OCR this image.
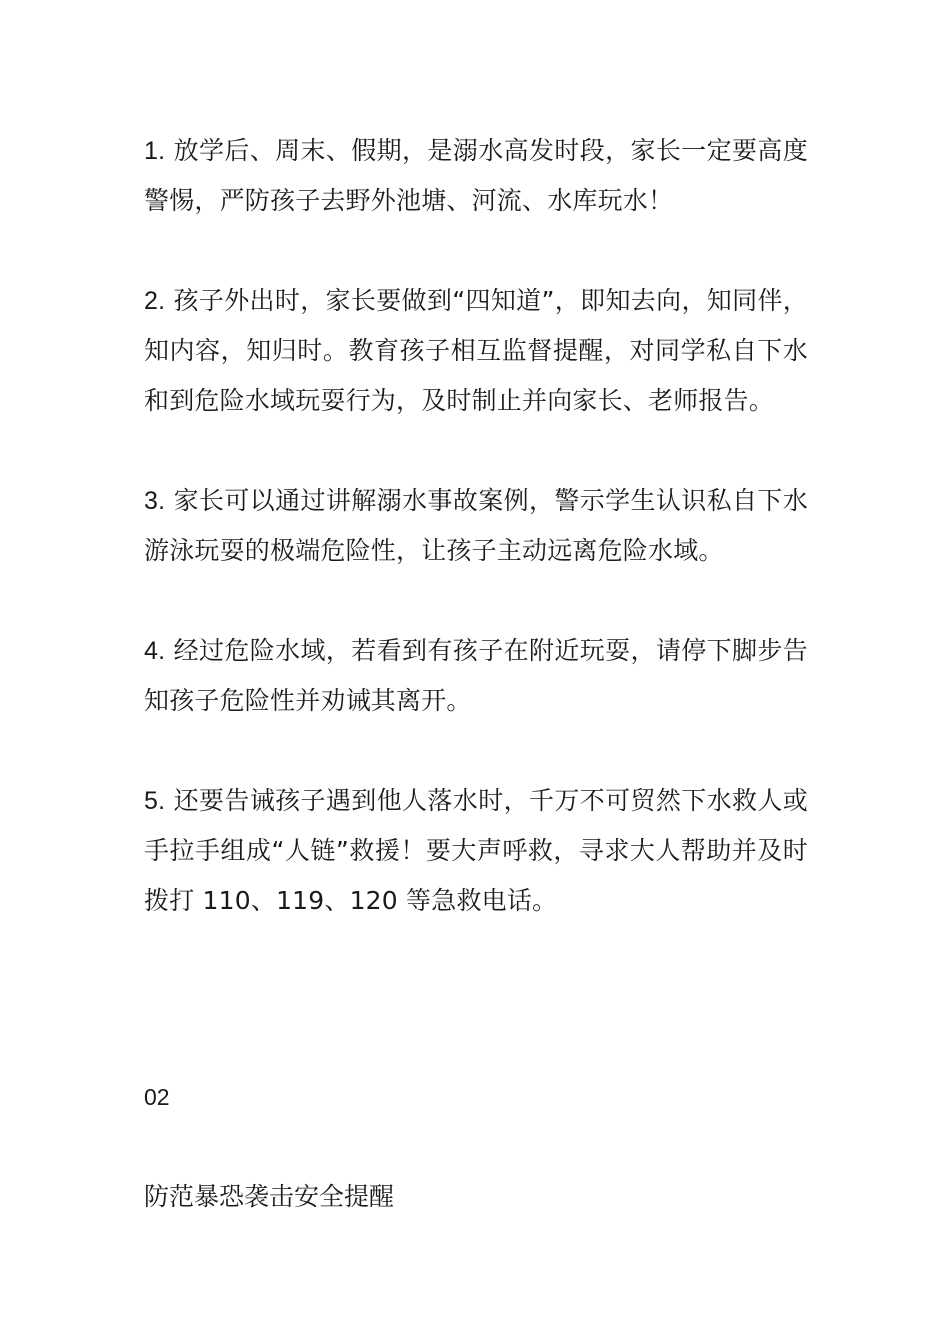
1. 放学后、周末、假期，是溺水高发时段，家长一定要高度警惕，严防孩子去野外池塘、河流、水库玩水！

2. 孩子外出时，家长要做到“四知道”，即知去向，知同伴，知内容，知归时。教育孩子相互监督提醒，对同学私自下水和到危险水域玩耍行为，及时制止并向家长、老师报告。

3. 家长可以通过讲解溺水事故案例，警示学生认识私自下水游泳玩耍的极端危险性，让孩子主动远离危险水域。

4. 经过危险水域，若看到有孩子在附近玩耍，请停下脚步告知孩子危险性并劝诫其离开。

5. 还要告诫孩子遇到他人落水时，千万不可贸然下水救人或手拉手组成“人链”救援！要大声呼救，寻求大人帮助并及时拨打 110、119、120 等急救电话。

02

防范暴恐袭击安全提醒
